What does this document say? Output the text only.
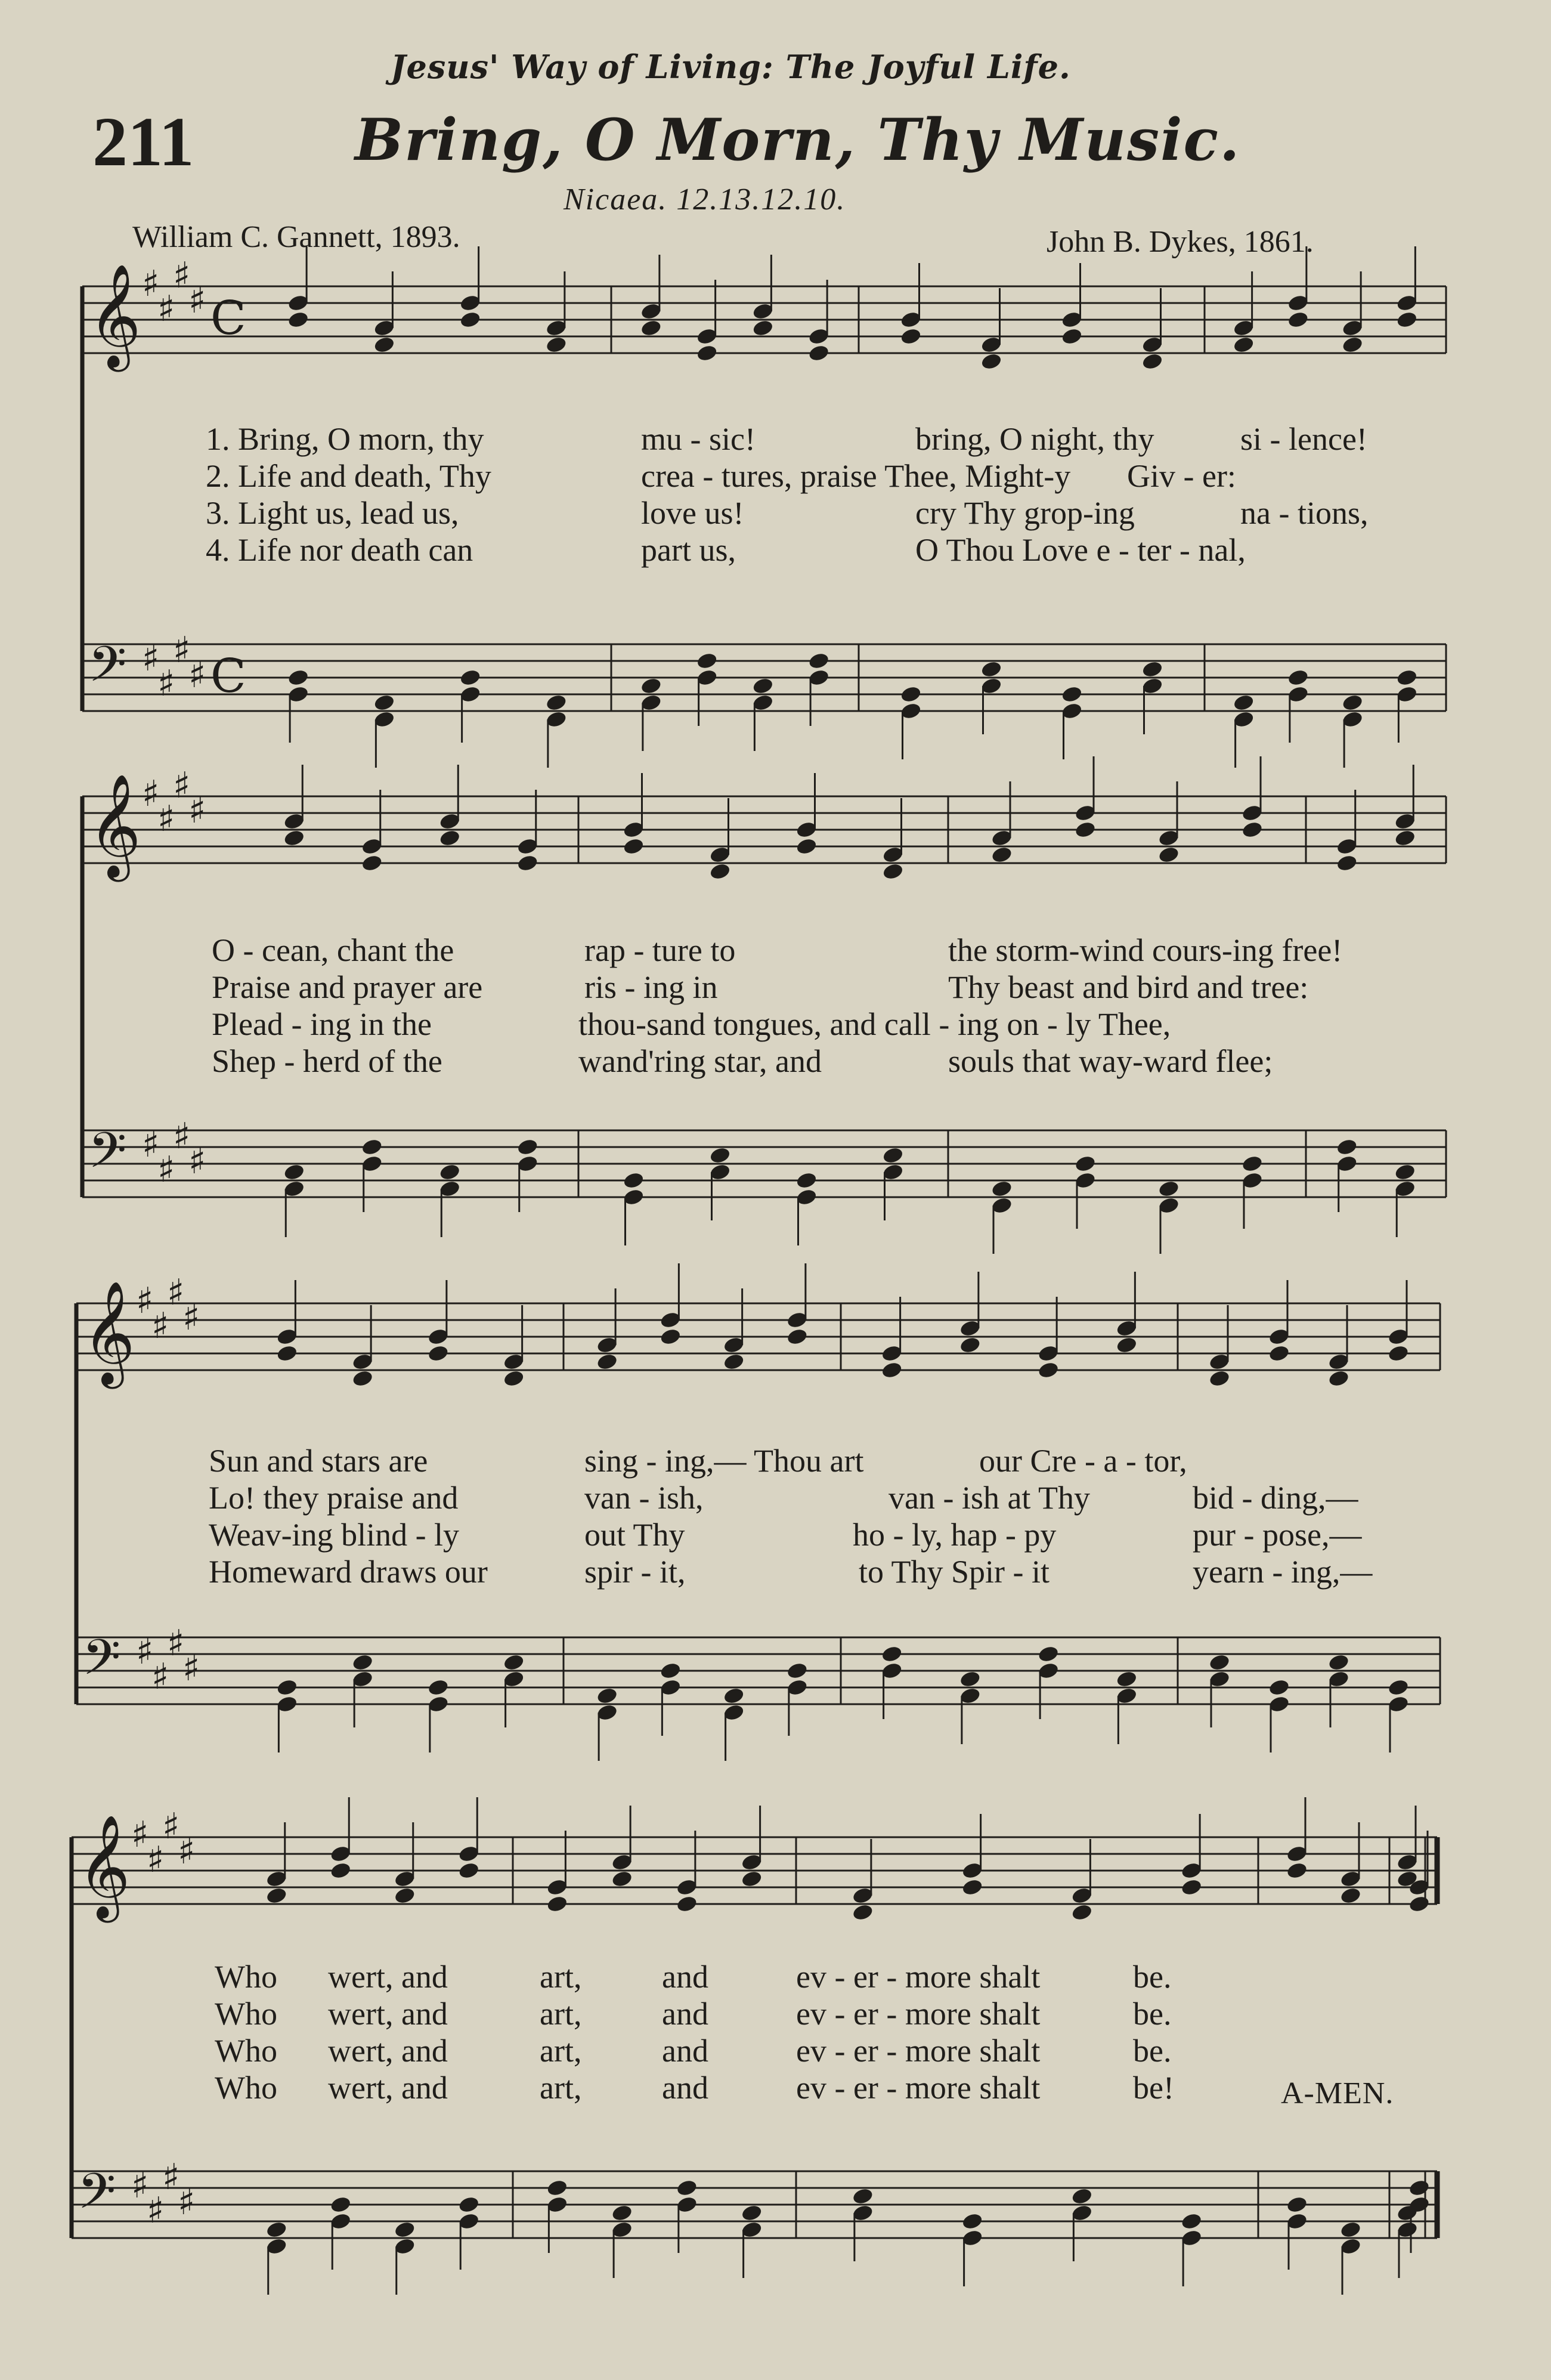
Jesus' Way of Living: The Joyful Life.
211	Bring, O Morn, Thy Music.
Nicaea. 12.13.12.10.
William C. Gannett, 1893.	John B. Dykes, 1861.
𝄞 ♯
♯
♯
♯ C
𝄢 ♯
♯
♯
♯ C
𝄞 ♯
♯
♯
♯
𝄢 ♯
♯
♯
♯
𝄞 ♯
♯
♯
♯
𝄢 ♯
♯
♯
♯
𝄞 ♯
♯
♯
♯
𝄢 ♯
♯
♯
♯
1. Bring, O morn, thy	mu - sic!	bring, O night, thy	si - lence!
2. Life and death, Thy	crea - tures, praise Thee, Might-y Giv - er:
3. Light us, lead us,	love us!	cry Thy grop-ing	na - tions,
4. Life nor death can	part us,	O Thou Love e - ter - nal,
O - cean, chant the	rap - ture to	the storm-wind cours-ing free!
Praise and prayer are	ris - ing in	Thy beast and bird and tree:
Plead - ing in the	thou-sand tongues, and call - ing on - ly Thee,
Shep - herd of the	wand'ring star, and	souls that way-ward flee;
Sun and stars are	sing - ing,— Thou art	our Cre - a - tor,
Lo! they praise and	van - ish,	van - ish at Thy	bid - ding,—
Weav-ing blind - ly	out Thy	ho - ly, hap - py	pur - pose,—
Homeward draws our	spir - it,	to Thy Spir - it	yearn - ing,—
Who wert, and	art, and	ev - er - more shalt	be.
Who wert, and	art, and	ev - er - more shalt	be.
Who wert, and	art, and	ev - er - more shalt	be.
Who wert, and	art, and	ev - er - more shalt	be!	A-MEN.
